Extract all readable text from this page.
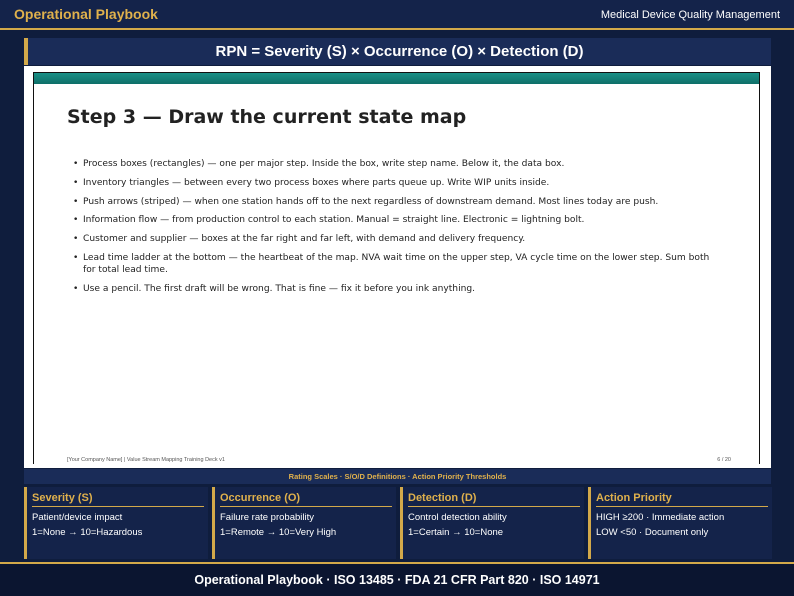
Operational Playbook	Medical Device Quality Management
RPN = Severity (S) × Occurrence (O) × Detection (D)
Step 3 — Draw the current state map
• Process boxes (rectangles) — one per major step. Inside the box, write step name. Below it, the data box.
• Inventory triangles — between every two process boxes where parts queue up. Write WIP units inside.
• Push arrows (striped) — when one station hands off to the next regardless of downstream demand. Most lines today are push.
• Information flow — from production control to each station. Manual = straight line. Electronic = lightning bolt.
• Customer and supplier — boxes at the far right and far left, with demand and delivery frequency.
• Lead time ladder at the bottom — the heartbeat of the map. NVA wait time on the upper step, VA cycle time on the lower step. Sum both for total lead time.
• Use a pencil. The first draft will be wrong. That is fine — fix it before you ink anything.
[Your Company Name] | Value Stream Mapping Training Deck v1	6 / 20
Rating Scales · S/O/D Definitions · Action Priority Thresholds
Severity (S)
Patient/device impact
1=None → 10=Hazardous
Occurrence (O)
Failure rate probability
1=Remote → 10=Very High
Detection (D)
Control detection ability
1=Certain → 10=None
Action Priority
HIGH ≥200 · Immediate action
LOW <50 · Document only
Operational Playbook · ISO 13485 · FDA 21 CFR Part 820 · ISO 14971
